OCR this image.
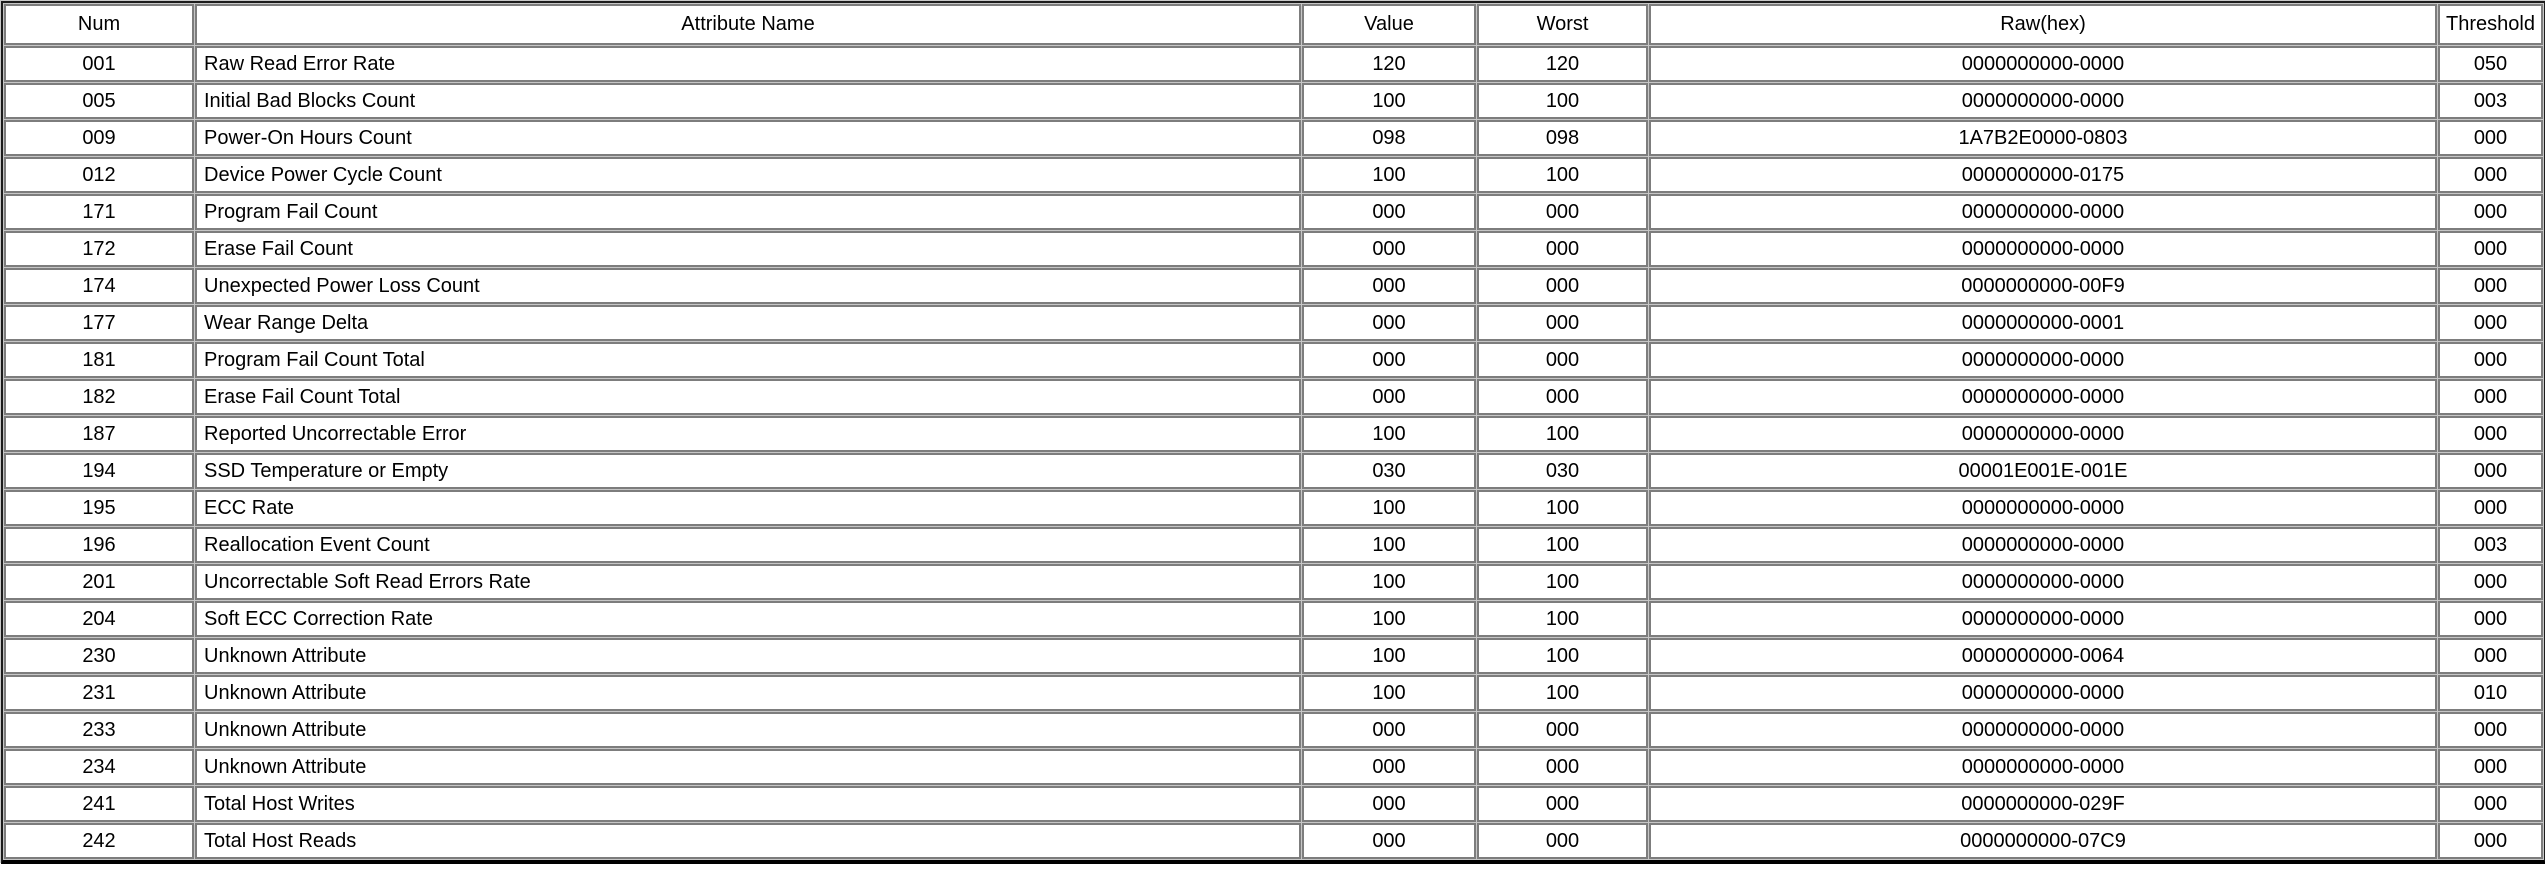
Num	Attribute Name	Value	Worst	Raw(hex)	Threshold
001	Raw Read Error Rate	120	120	0000000000-0000	050
005	Initial Bad Blocks Count	100	100	0000000000-0000	003
009	Power-On Hours Count	098	098	1A7B2E0000-0803	000
012	Device Power Cycle Count	100	100	0000000000-0175	000
171	Program Fail Count	000	000	0000000000-0000	000
172	Erase Fail Count	000	000	0000000000-0000	000
174	Unexpected Power Loss Count	000	000	0000000000-00F9	000
177	Wear Range Delta	000	000	0000000000-0001	000
181	Program Fail Count Total	000	000	0000000000-0000	000
182	Erase Fail Count Total	000	000	0000000000-0000	000
187	Reported Uncorrectable Error	100	100	0000000000-0000	000
194	SSD Temperature or Empty	030	030	00001E001E-001E	000
195	ECC Rate	100	100	0000000000-0000	000
196	Reallocation Event Count	100	100	0000000000-0000	003
201	Uncorrectable Soft Read Errors Rate	100	100	0000000000-0000	000
204	Soft ECC Correction Rate	100	100	0000000000-0000	000
230	Unknown Attribute	100	100	0000000000-0064	000
231	Unknown Attribute	100	100	0000000000-0000	010
233	Unknown Attribute	000	000	0000000000-0000	000
234	Unknown Attribute	000	000	0000000000-0000	000
241	Total Host Writes	000	000	0000000000-029F	000
242	Total Host Reads	000	000	0000000000-07C9	000
